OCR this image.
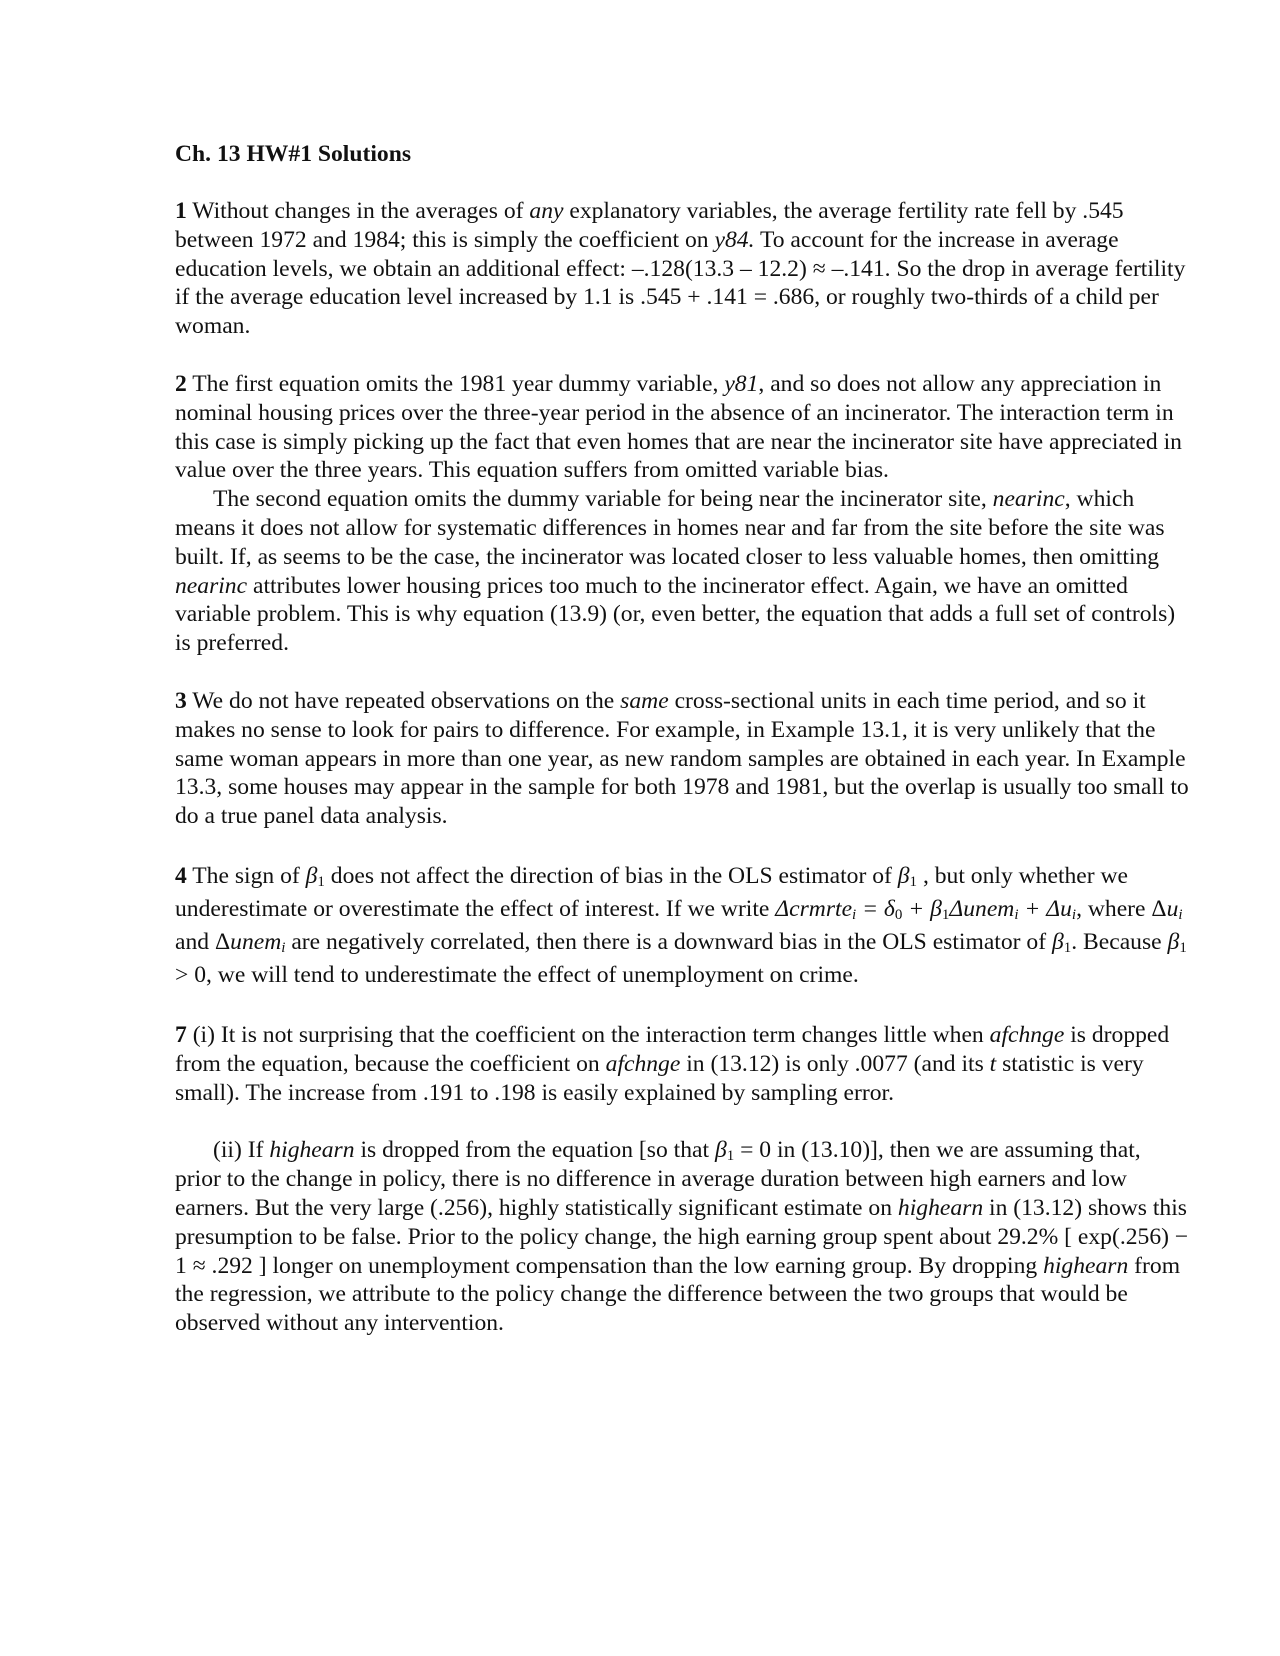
Ch. 13 HW#1 Solutions

1 Without changes in the averages of any explanatory variables, the average fertility rate fell by .545 between 1972 and 1984; this is simply the coefficient on y84. To account for the increase in average education levels, we obtain an additional effect: –.128(13.3 – 12.2) ≈ –.141. So the drop in average fertility if the average education level increased by 1.1 is .545 + .141 = .686, or roughly two-thirds of a child per woman.

2 The first equation omits the 1981 year dummy variable, y81, and so does not allow any appreciation in nominal housing prices over the three-year period in the absence of an incinerator. The interaction term in this case is simply picking up the fact that even homes that are near the incinerator site have appreciated in value over the three years. This equation suffers from omitted variable bias.

The second equation omits the dummy variable for being near the incinerator site, nearinc, which means it does not allow for systematic differences in homes near and far from the site before the site was built. If, as seems to be the case, the incinerator was located closer to less valuable homes, then omitting nearinc attributes lower housing prices too much to the incinerator effect. Again, we have an omitted variable problem. This is why equation (13.9) (or, even better, the equation that adds a full set of controls) is preferred.

3 We do not have repeated observations on the same cross-sectional units in each time period, and so it makes no sense to look for pairs to difference. For example, in Example 13.1, it is very unlikely that the same woman appears in more than one year, as new random samples are obtained in each year. In Example 13.3, some houses may appear in the sample for both 1978 and 1981, but the overlap is usually too small to do a true panel data analysis.

4 The sign of $\beta_1$ does not affect the direction of bias in the OLS estimator of $\beta_1$ , but only whether we underestimate or overestimate the effect of interest. If we write Δcrmrte$_i$ = $\delta_0$ + $\beta_1\Delta unem_i + \Delta u_i$, where $\Delta u_i$ and Δunem$_i$ are negatively correlated, then there is a downward bias in the OLS estimator of $\beta_1$. Because $\beta_1 > 0$, we will tend to underestimate the effect of unemployment on crime.

7 (i) It is not surprising that the coefficient on the interaction term changes little when afchnge is dropped from the equation, because the coefficient on afchnge in (13.12) is only .0077 (and its t statistic is very small). The increase from .191 to .198 is easily explained by sampling error.

(ii) If highearn is dropped from the equation [so that $\beta_1 = 0$ in (13.10)], then we are assuming that, prior to the change in policy, there is no difference in average duration between high earners and low earners. But the very large (.256), highly statistically significant estimate on highearn in (13.12) shows this presumption to be false. Prior to the policy change, the high earning group spent about 29.2% [ exp(.256) − 1 ≈ .292 ] longer on unemployment compensation than the low earning group. By dropping highearn from the regression, we attribute to the policy change the difference between the two groups that would be observed without any intervention.
